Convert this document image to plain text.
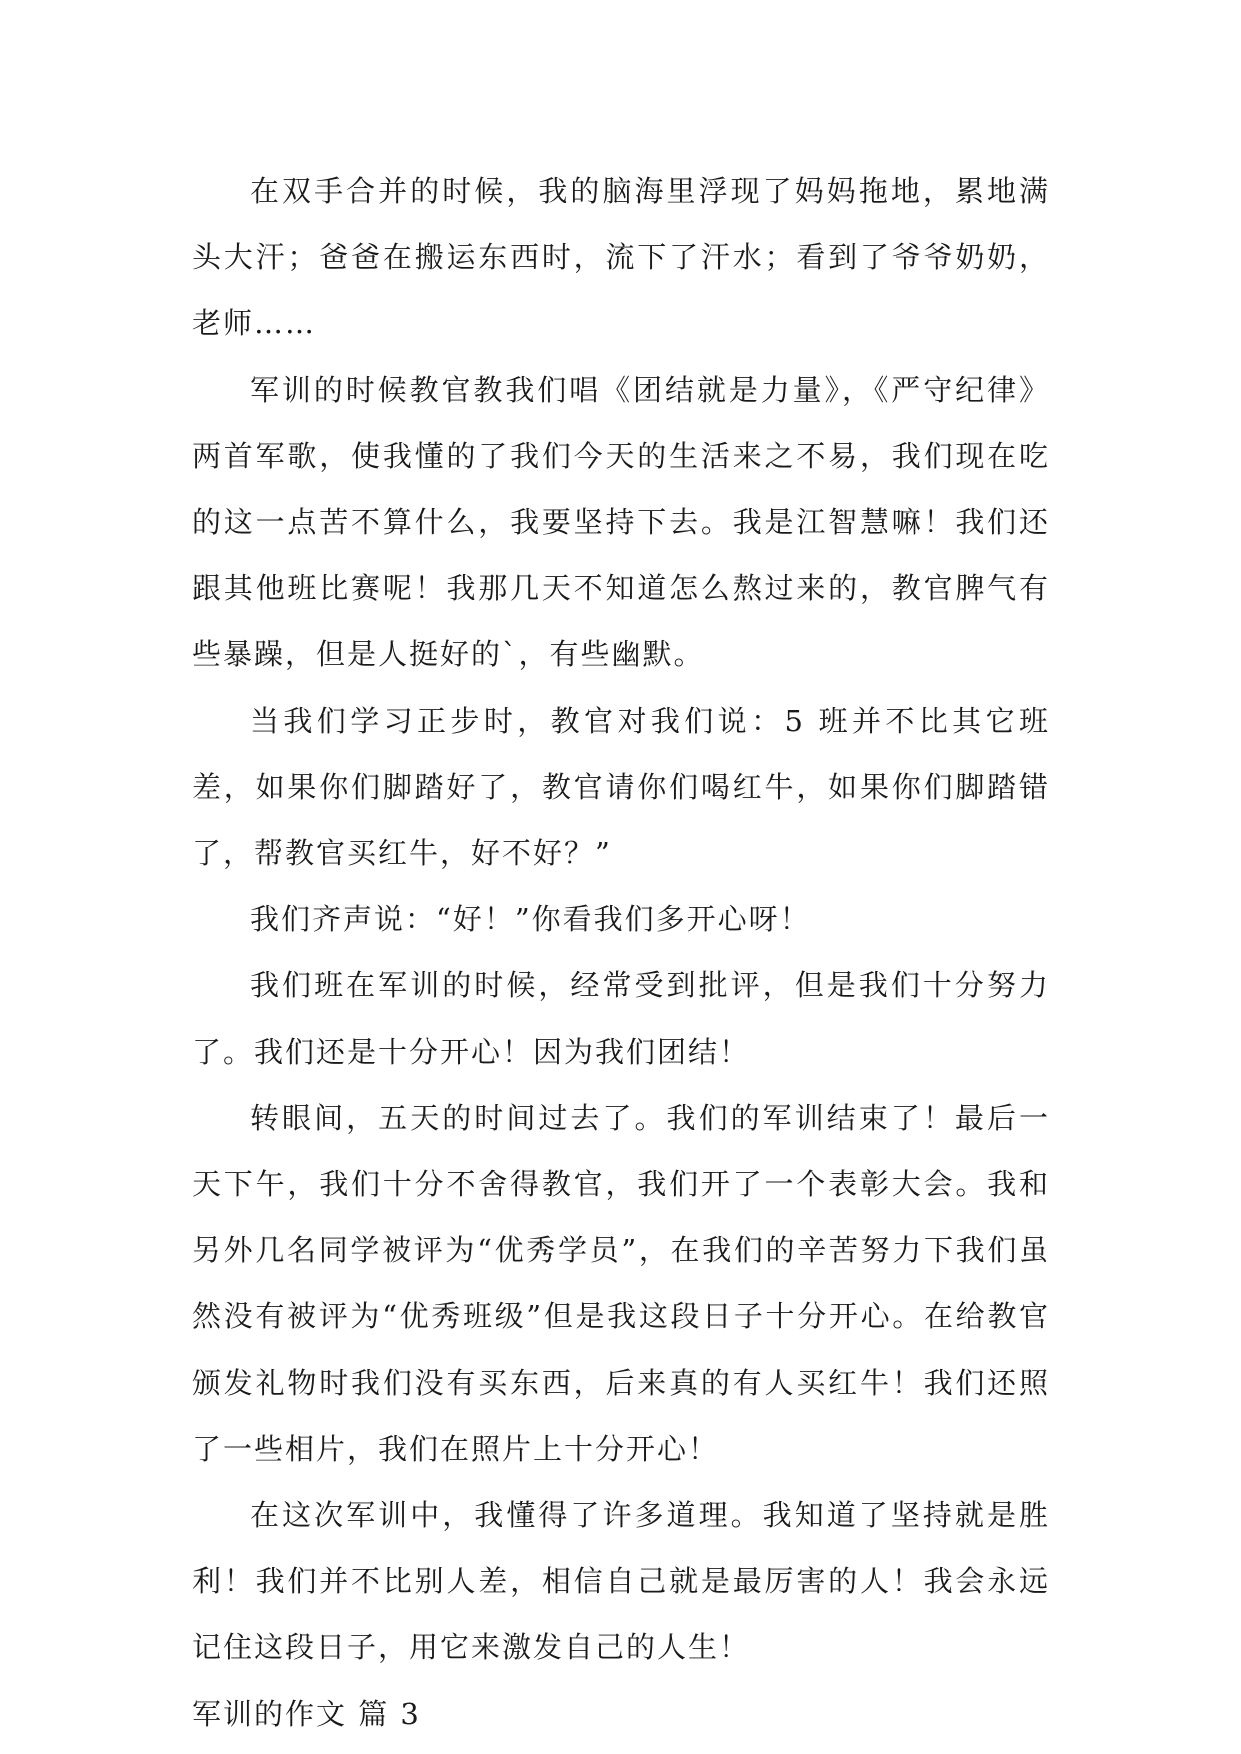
在双手合并的时候，我的脑海里浮现了妈妈拖地，累地满头大汗；爸爸在搬运东西时，流下了汗水；看到了爷爷奶奶，老师……

军训的时候教官教我们唱《团结就是力量》，《严守纪律》两首军歌，使我懂的了我们今天的生活来之不易，我们现在吃的这一点苦不算什么，我要坚持下去。我是江智慧嘛！我们还跟其他班比赛呢！我那几天不知道怎么熬过来的，教官脾气有些暴躁，但是人挺好的`，有些幽默。

当我们学习正步时，教官对我们说：5 班并不比其它班差，如果你们脚踏好了，教官请你们喝红牛，如果你们脚踏错了，帮教官买红牛，好不好？”

我们齐声说：“好！”你看我们多开心呀！

我们班在军训的时候，经常受到批评，但是我们十分努力了。我们还是十分开心！因为我们团结！

转眼间，五天的时间过去了。我们的军训结束了！最后一天下午，我们十分不舍得教官，我们开了一个表彰大会。我和另外几名同学被评为“优秀学员”，在我们的辛苦努力下我们虽然没有被评为“优秀班级”但是我这段日子十分开心。在给教官颁发礼物时我们没有买东西，后来真的有人买红牛！我们还照了一些相片，我们在照片上十分开心！

在这次军训中，我懂得了许多道理。我知道了坚持就是胜利！我们并不比别人差，相信自己就是最厉害的人！我会永远记住这段日子，用它来激发自己的人生！

军训的作文 篇 3
